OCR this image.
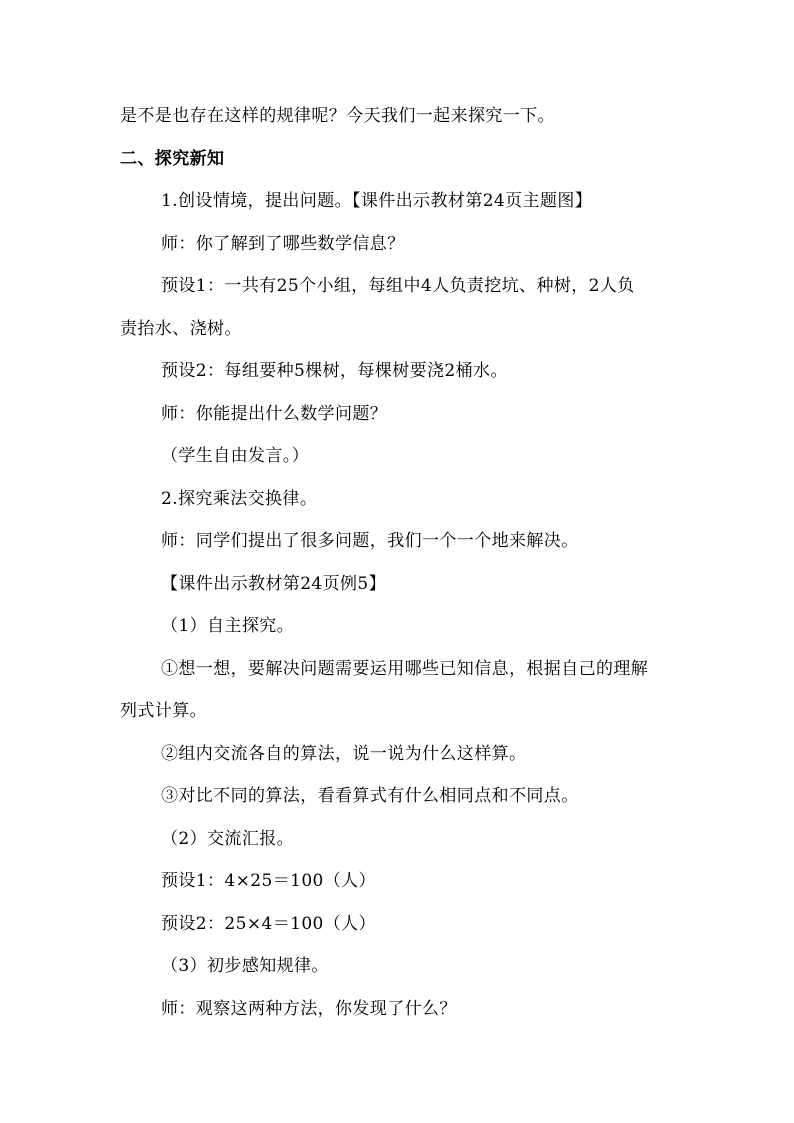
是不是也存在这样的规律呢？今天我们一起来探究一下。
二、探究新知
1.创设情境，提出问题。【课件出示教材第24页主题图】
师：你了解到了哪些数学信息？
预设1：一共有25个小组，每组中4人负责挖坑、种树，2人负
责抬水、浇树。
预设2：每组要种5棵树，每棵树要浇2桶水。
师：你能提出什么数学问题？
（学生自由发言。）
2.探究乘法交换律。
师：同学们提出了很多问题，我们一个一个地来解决。
【课件出示教材第24页例5】
（1）自主探究。
①想一想，要解决问题需要运用哪些已知信息，根据自己的理解
列式计算。
②组内交流各自的算法，说一说为什么这样算。
③对比不同的算法，看看算式有什么相同点和不同点。
（2）交流汇报。
预设1：4×25＝100（人）
预设2：25×4＝100（人）
（3）初步感知规律。
师：观察这两种方法，你发现了什么？
